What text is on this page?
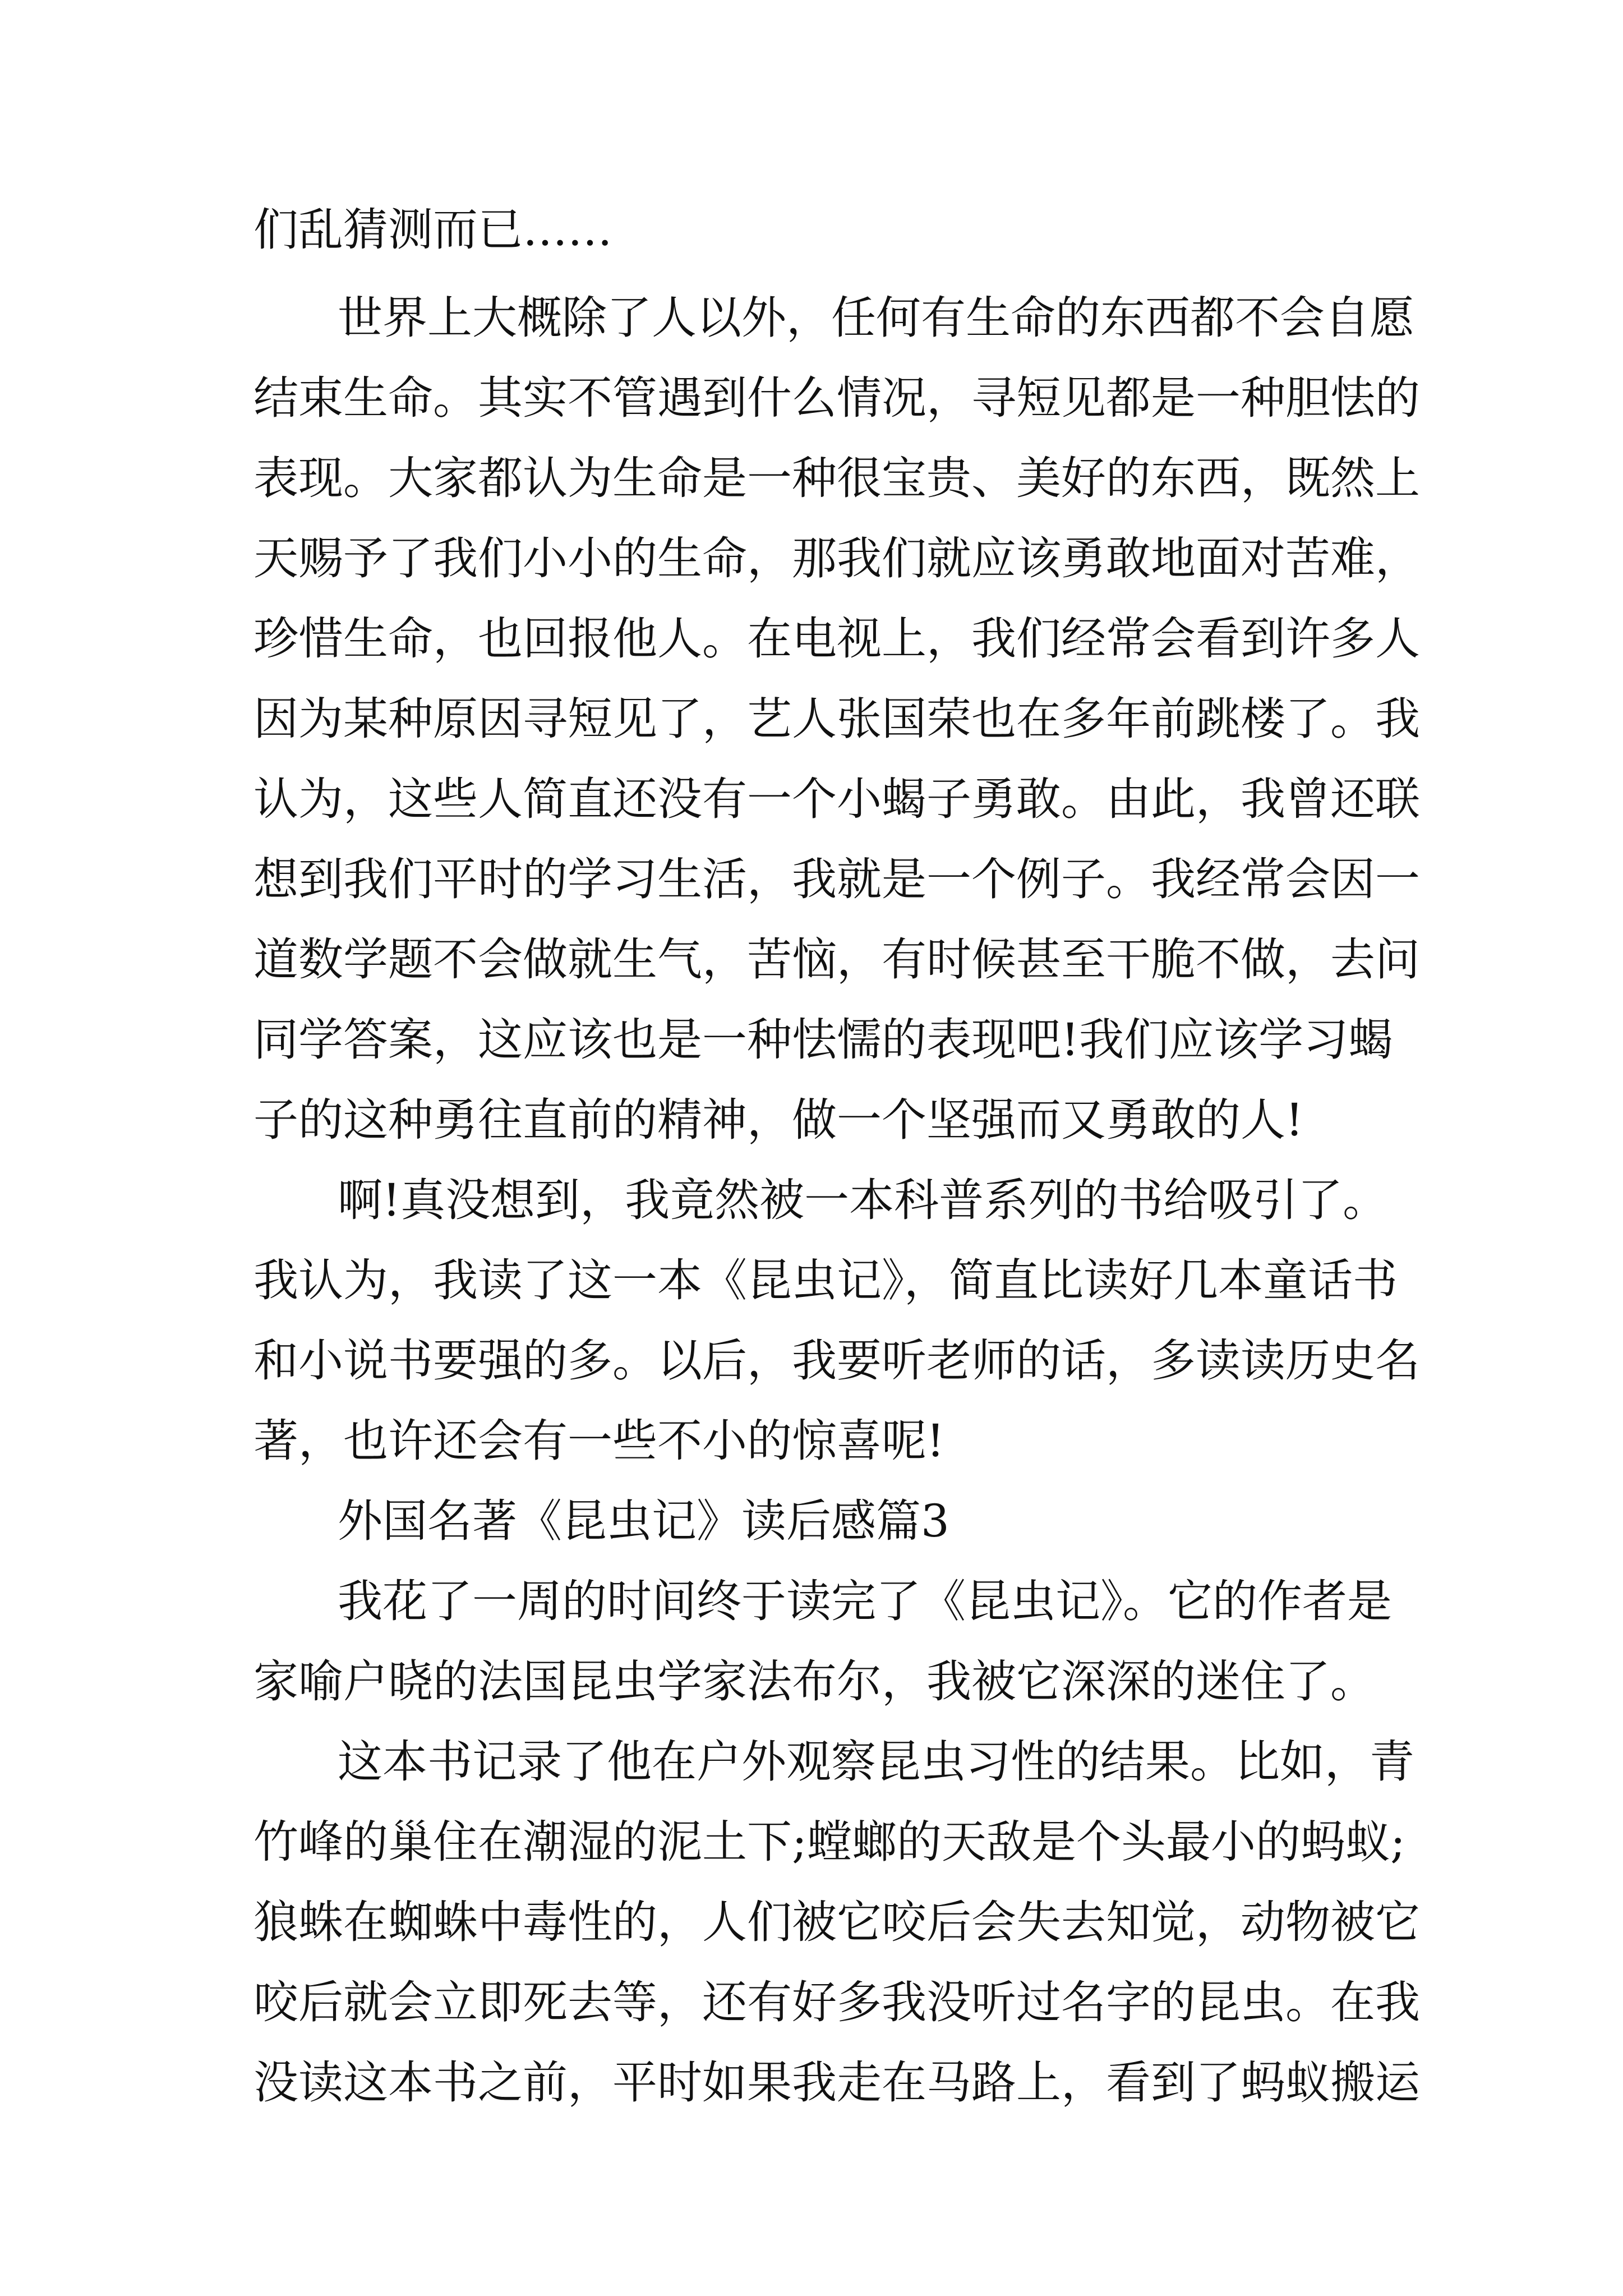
们乱猜测而已……
世界上大概除了人以外，任何有生命的东西都不会自愿
结束生命。其实不管遇到什么情况，寻短见都是一种胆怯的
表现。大家都认为生命是一种很宝贵、美好的东西，既然上
天赐予了我们小小的生命，那我们就应该勇敢地面对苦难，
珍惜生命，也回报他人。在电视上，我们经常会看到许多人
因为某种原因寻短见了，艺人张国荣也在多年前跳楼了。我
认为，这些人简直还没有一个小蝎子勇敢。由此，我曾还联
想到我们平时的学习生活，我就是一个例子。我经常会因一
道数学题不会做就生气，苦恼，有时候甚至干脆不做，去问
同学答案，这应该也是一种怯懦的表现吧!我们应该学习蝎
子的这种勇往直前的精神，做一个坚强而又勇敢的人!
啊!真没想到，我竟然被一本科普系列的书给吸引了。
我认为，我读了这一本《昆虫记》，简直比读好几本童话书
和小说书要强的多。以后，我要听老师的话，多读读历史名
著，也许还会有一些不小的惊喜呢!
外国名著《昆虫记》读后感篇3
我花了一周的时间终于读完了《昆虫记》。它的作者是
家喻户晓的法国昆虫学家法布尔，我被它深深的迷住了。
这本书记录了他在户外观察昆虫习性的结果。比如，青
竹峰的巢住在潮湿的泥土下;螳螂的天敌是个头最小的蚂蚁;
狼蛛在蜘蛛中毒性的，人们被它咬后会失去知觉，动物被它
咬后就会立即死去等，还有好多我没听过名字的昆虫。在我
没读这本书之前，平时如果我走在马路上，看到了蚂蚁搬运
